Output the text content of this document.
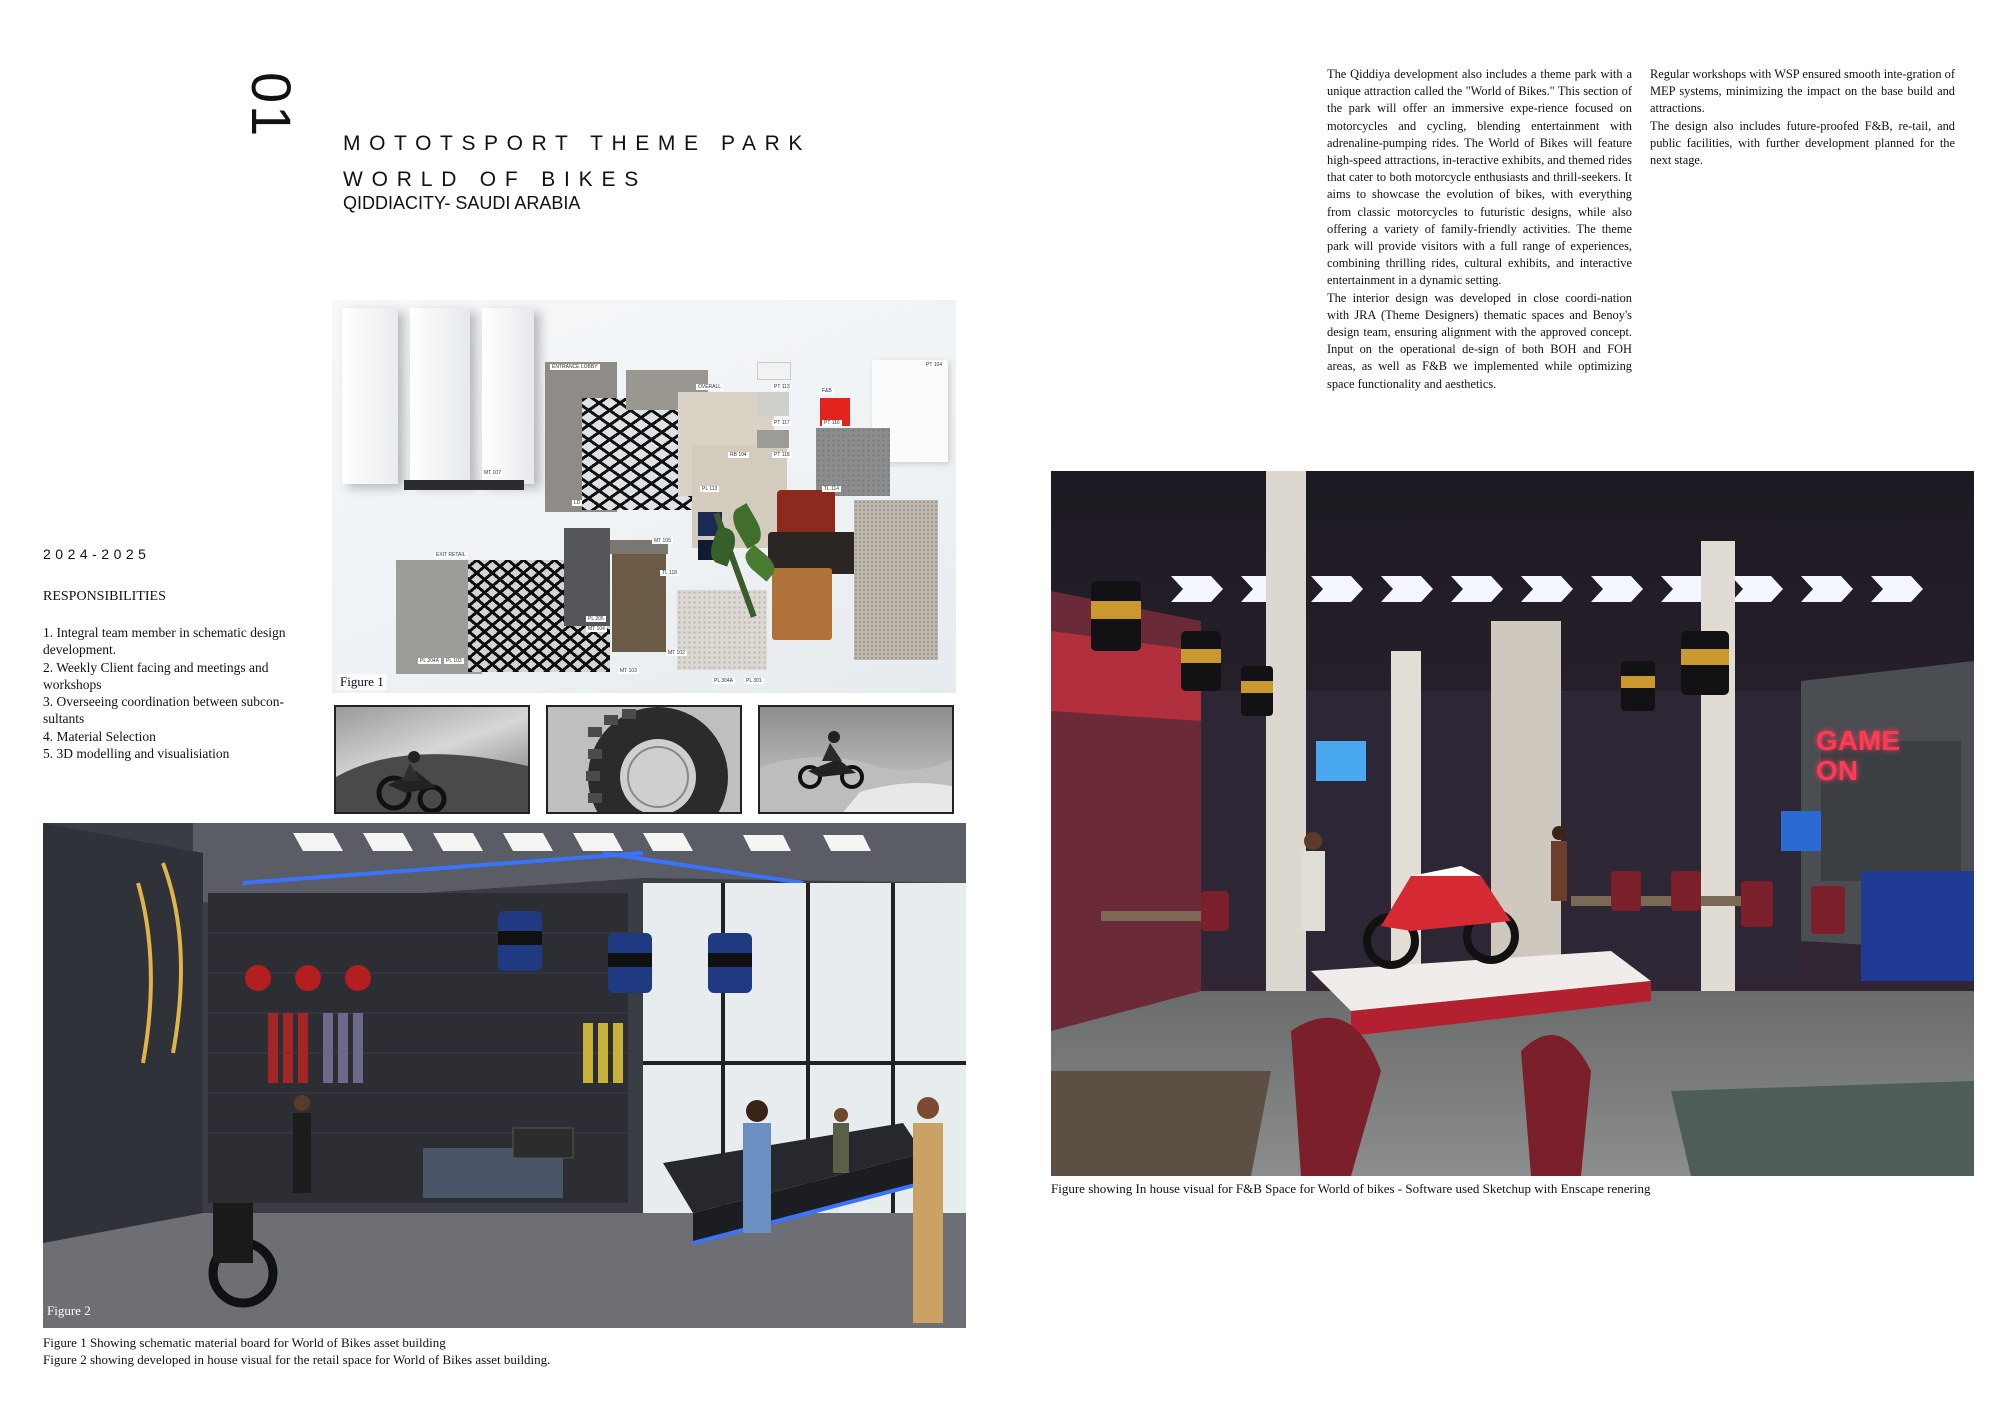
01
MOTOTSPORT THEME PARK
WORLD OF BIKES
QIDDIACITY- SAUDI ARABIA
2024-2025
RESPONSIBILITIES
1. Integral team member in schematic design development.
2. Weekly Client facing and meetings and workshops
3. Overseeing coordination between subcon-sultants
4. Material Selection
5. 3D modelling and visualisiation

The Qiddiya development also includes a theme park with a unique attraction called the "World of Bikes." This section of the park will offer an immersive expe-rience focused on motorcycles and cycling, blending entertainment with adrenaline-pumping rides. The World of Bikes will feature high-speed attractions, in-teractive exhibits, and themed rides that cater to both motorcycle enthusiasts and thrill-seekers. It aims to showcase the evolution of bikes, with everything from classic motorcycles to futuristic designs, while also offering a variety of family-friendly activities. The theme park will provide visitors with a full range of experiences, combining thrilling rides, cultural exhibits, and interactive entertainment in a dynamic setting.

The interior design was developed in close coordi-nation with JRA (Theme Designers) thematic spaces and Benoy's design team, ensuring alignment with the approved concept. Input on the operational de-sign of both BOH and FOH areas, as well as F&B we implemented while optimizing space functionality and aesthetics.

Regular workshops with WSP ensured smooth inte-gration of MEP systems, minimizing the impact on the base build and attractions.

The design also includes future-proofed F&B, re-tail, and public facilities, with further development planned for the next stage.

ENTRANCE LOBBY
OVERALL
F&B
EXIT RETAIL
MT 107
RB 104
PT 113
PT 117	PT 116
PT 118
TL 114
TL 118
PL 113
MT 105
PL 205
PT 104
MT 102
MT 103
PL 204A	PL 103
MT 104
PL 304A	PL 301
LD
Figure 1
Figure 2
Figure 1 Showing schematic material board for World of Bikes asset building
Figure 2 showing developed in house visual for the retail space for World of Bikes asset building.
GAME
ON
Figure showing In house visual for F&B Space for World of bikes - Software used Sketchup with Enscape renering
